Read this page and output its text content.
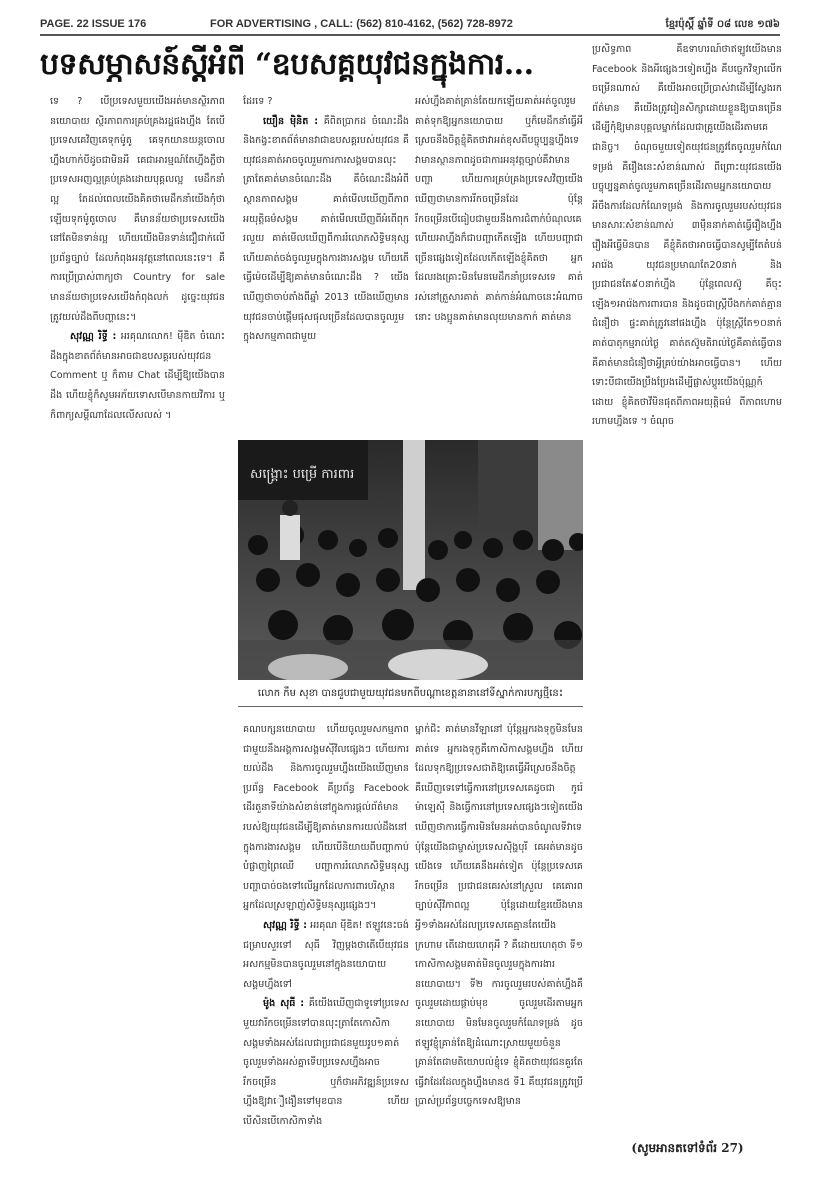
PAGE. 22 ISSUE 176	FOR ADVERTISING , CALL: (562) 810-4162, (562) 728-8972	ខ្មែរប៉ុស្តិ៍ ឆ្នាំទី ០៨ លេខ ១៧៦
បទសម្ភាសន៍ស្ដីអំពី “ឧបសគ្គយុវជនក្នុងការ...

ទេ ? បើប្រទេសមួយយើងអត់មានស្ថិរភាព នយោបាយ ស្ថិរភាពការគ្រប់គ្រងរដ្ឋផងហ្នឹង តែបើប្រទេសគេវិញគេទុកម៉ូតូ គេទុកយានយន្តចោលហ្នឹងហាក់បីដូចជាមិនអី គេជាអារម្មណ៍តែហ្នឹងភ្លឺថា ប្រទេសអញល្អគ្រប់គ្រងដោយបុគ្គលល្អ មេដឹកនាំល្អ តែដល់ពេលយើងគិតថាមេដឹកនាំយើងកុំថាឡើយទុកម៉ូតូចោល គឺមានន័យថាប្រទេសយើងនៅតែមិនទាន់ល្អ ហើយយើងមិនទាន់ជឿជាក់លើប្រព័ន្ធច្បាប់ ដែលកំពុងអនុវត្តនៅពេលនេះទេ។ គឺការប្រើប្រាស់ពាក្យថា Country for sale មានន័យថាប្រទេសយើងកំពុងលក់ ដូច្នេះយុវជនត្រូវយល់ដឹងពីបញ្ហានេះ។

សុវណ្ណ រិទ្ធី : អរគុណលោក! ម៉ីឌិត ចំណេះដឹងក្នុងខាតព័ត៌មានអាចជាឧបសគ្គរបស់យុវជន

Comment ឬ ក៏តាម Chat ដើម្បីឱ្យយើងបានដឹង ហើយខ្ញុំក៏សូមអភ័យទោសបើមានកាយវិការ ឬក៏ពាក្យសម្ដីណាដែលលើសលស់ ។

ដែរទេ ?

យឿន ម៉ិនិត : គឺពិតប្រាកដ ចំណេះដឹង និងកង្វះខាតព័ត៌មានវាជាឧបសគ្គរបស់យុវជន គឺយុវជនគាត់អាចចូលរួមការការសង្គមបានលុះត្រាតែគាត់មានចំណេះដឹង គឺចំណេះដឹងអំពីស្ថានភាពសង្គម គាត់មើលឃើញពីភាពអយុត្តិធម៌សង្គម គាត់មើលឃើញពីអំពើពុករលួយ គាត់មើលឃើញពីការរំលោភសិទ្ធិមនុស្ស ហើយគាត់ចង់ចូលរួមក្នុងការងារសង្គម ហើយតើធ្វើម៉េចដើម្បីឱ្យគាត់មានចំណេះដឹង ? យើងឃើញថាចាប់តាំងពីឆ្នាំ 2013 យើងឃើញមានយុវជនចាប់ផ្ដើមផុសផុលច្រើនដែលបានចូលរួមក្នុងសកម្មភាពជាមួយ

អស់ហ្នឹងគាត់គ្រាន់តែយកឡើយគាត់អត់ចូលរួម គាត់ទុកឱ្យអ្នកនយោបាយ ឬក៏មេដឹកនាំធ្វើអីស្រេចនឹងចិត្តខ្ញុំគិតថាវាអត់ខុសពីបច្ចុប្បន្នហ្នឹងទេ វាមានស្ថានភាពដូចជាការអនុវត្តច្បាប់គឺវាមានបញ្ហា ហើយការគ្រប់គ្រងប្រទេសវិញយើងឃើញថាមានការរីកចម្រើនដែរ ប៉ុន្តែរីកចម្រើនបើធៀបជាមួយនឹងការជំពាក់បំណុលគេ ហើយអាហ្នឹងក៏ជាបញ្ហាកើតឡើង ហើយបញ្ហាជាច្រើនផ្សេងទៀតដែលកើតឡើងខ្ញុំគិតថា អ្នកដែលរងគ្រោះមិនមែនមេដឹកនាំប្រទេសទេ គាត់រស់នៅត្រួសារគាត់ គាត់កាន់អំណាចនេះអំណាចនោះ បងប្អូនគាត់មានលុយមានកាក់ គាត់មាន

ប្រសិទ្ធភាព គឺឧទាហរណ៍ថាឥឡូវយើងមាន Facebook និងអីផ្សេងៗទៀតហ្នឹង គឺបច្ចេកវិទ្យាលើកចម្រើនណាស់ គឺយើងអាចប្រើប្រាស់វាដើម្បីស្វែងរកព័ត៌មាន គឺយើងត្រូវរៀនសិក្សាដោយខ្លួនឱ្យបានច្រើនដើម្បីកុំឱ្យមានបុគ្គលម្នាក់ដែលជាគ្រូយើងដើរតាមគេជានិច្ច។ ចំណុចមួយទៀតយុវជនត្រូវតែចូលរួមកំណែទម្រង់ គឺរឿងនេះសំខាន់ណាស់ ពីព្រោះយុវជនយើងបច្ចុប្បន្នគាត់ចូលរួមភាគច្រើនដើរតាមអ្នកនយោបាយ អីចឹងការដែលកំណែទម្រង់ និងការចូលរួមរបស់យុវជនមានសារៈសំខាន់ណាស់ ៣ម៉ឺននាក់គាត់ធ្វើរឿងហ្នឹងរឿងអីធ្វើមិនបាន គឺខ្ញុំគិតថាអាចធ្វើបានសូម្បីតែតំបន់អារ៉េង យុវជនប្រមាណតែ20នាក់ និងប្រជាជនតែ៩០នាក់ហ្នឹង ប៉ុន្តែពេលស៊ូ គឺចុះឡើង១អារ៉េងការពារបាន និងដូចជាស្ត្រីបឹងកក់គាត់គ្មានជំនឿថា ផ្ទះគាត់ត្រូវនៅផងហ្នឹង ប៉ុន្តែស្ត្រីតែ១០នាក់គាត់បាតុកម្មរាល់ថ្ងៃ គាត់តស៊ូមតិរាល់ថ្ងៃគឺគាត់ធ្វើបាន គឺគាត់មានជំនឿថាអ្វីគ្រប់យ៉ាងអាចធ្វើបាន។ ហើយទោះបីជាយើងប្រឹងប្រែងដើម្បីផ្លាស់ប្ដូរយើងប៉ុណ្ណកំដោយ ខ្ញុំគិតថាវីមិនផុតពីភាពអយុត្តិធម៌ ពីភាពហោមរហាមហ្នឹងទេ ។ ចំណុច

សង្គ្រោះ បម្រើ ការពារ
លោក កឹម សុខា បានជួបជាមួយយុវជនមកពីបណ្ដាខេត្តនានានៅទីស្នាក់ការបក្សថ្មីនេះ

គណបក្សនយោបាយ ហើយចូលរួមសកម្មភាពជាមួយនឹងអង្គការសង្គមស៊ីវិលផ្សេងៗ ហើយការយល់ដឹង និងការចូលរួមហ្នឹងយើងឃើញមានប្រព័ន្ធ Facebook គឺប្រព័ន្ធ Facebook ដើរតួនាទីយ៉ាងសំខាន់នៅក្នុងការផ្ដល់ព័ត៌មានរបស់ឱ្យយុវជនដើម្បីឱ្យគាត់មានការយល់ដឹងនៅក្នុងការងារសង្គម ហើយបើនិយាយពីបញ្ហាកាប់បំផ្លាញព្រៃឈើ បញ្ហាការរំលោភសិទ្ធិមនុស្ស បញ្ហាបាច់ចងទៅលើអ្នកដែលការពារបរិស្ថាន អ្នកដែលស្រឡាញ់សិទ្ធិមនុស្សផ្សេងៗ។

សុវណ្ណ រិទ្ធី : អរគុណ ម៉ីឌិត! ឥឡូវនេះចង់ជម្រាបសួរទៅ សុធី វិញម្ដងថាតើបើយុវជនអសកម្មមិនបានចូលរួមនៅក្នុងនយោបាយ សង្គមហ្នឹងទៅ

ម៉ូង សុធី : គឺយើងឃើញជាទូទៅប្រទេសមួយវារីកចម្រើនទៅបានលុះត្រាតែកោសិកាសង្គមទាំងអស់ដែលជាប្រជាជនមួយរូប១គាត់ចូលរួមទាំងអស់គ្នាទើបប្រទេសហ្នឹងអាចរីកចម្រើន ឬក៏ថាអភិវឌ្ឍន៍ប្រទេសហ្នឹងឱ្យវាឿងឿនទៅមុខបាន ហើយបើសិនបើកោសិកាទាំង

ម្នាក់ជិះ គាត់មានវីឡានៅ ប៉ុន្តែអ្នករងទុក្ខមិនមែនគាត់ទេ អ្នករងទុក្ខគឺកោសិកាសង្គមហ្នឹង ហើយដែលទុកឱ្យប្រទេសជាតិឱ្យគេធ្វើអីស្រេចនឹងចិត្ត គឺឃើញទេទៅធ្វើការនៅប្រទេសគេដូចជា កូរ៉េ ម៉ាឡេស៊ី និងធ្វើការនៅប្រទេសផ្សេងៗទៀតយើងឃើញថាការធ្វើការមិនមែនអត់បានចំណូលទីវាទេ ប៉ុន្តែយើងជាម្ចាស់ប្រទេសស៊ិង្ហបុរី គេអត់មានដូចយើងទេ ហើយគេនឹងអត់ទៀត ប៉ុន្តែប្រទេសគេរីកចម្រើន ប្រជាជនគេរស់នៅស្រួល គេគោរពច្បាប់ស៊ីវិភាពល្អ ប៉ុន្តែដោយខ្មែរយើងមានអ្វី១ទាំងអស់ដែលប្រទេសគេគ្មានតែយើងក្រហាម តើដោយហេតុអី ? គឺដោយហេតុថា ទី១ កោសិកាសង្គមគាត់មិនចូលរួមក្នុងការងារនយោបាយ។ ទី២ ការចូលរួមរបស់គាត់ហ្នឹងគឺចូលរួមដោយផ្ដាប់មុខ ចូលរួមដើរតាមអ្នកនយោបាយ មិនមែនចូលរួមកំណែទម្រង់ ដូចឥឡូវខ្ញុំគ្រាន់តែឱ្យដំណោះស្រាយមួយចំនួនគ្រាន់តែជាមតិយោបល់ខ្ញុំទេ ខ្ញុំគិតថាយុវជនគួរតែធ្វើវាដែរដែលក្នុងហ្នឹងមាន៥ ទី1 គឺយុវជនត្រូវប្រើប្រាស់ប្រព័ន្ធបច្ចេកទេសឱ្យមាន

(សូមអានតទៅទំព័រ 27)
